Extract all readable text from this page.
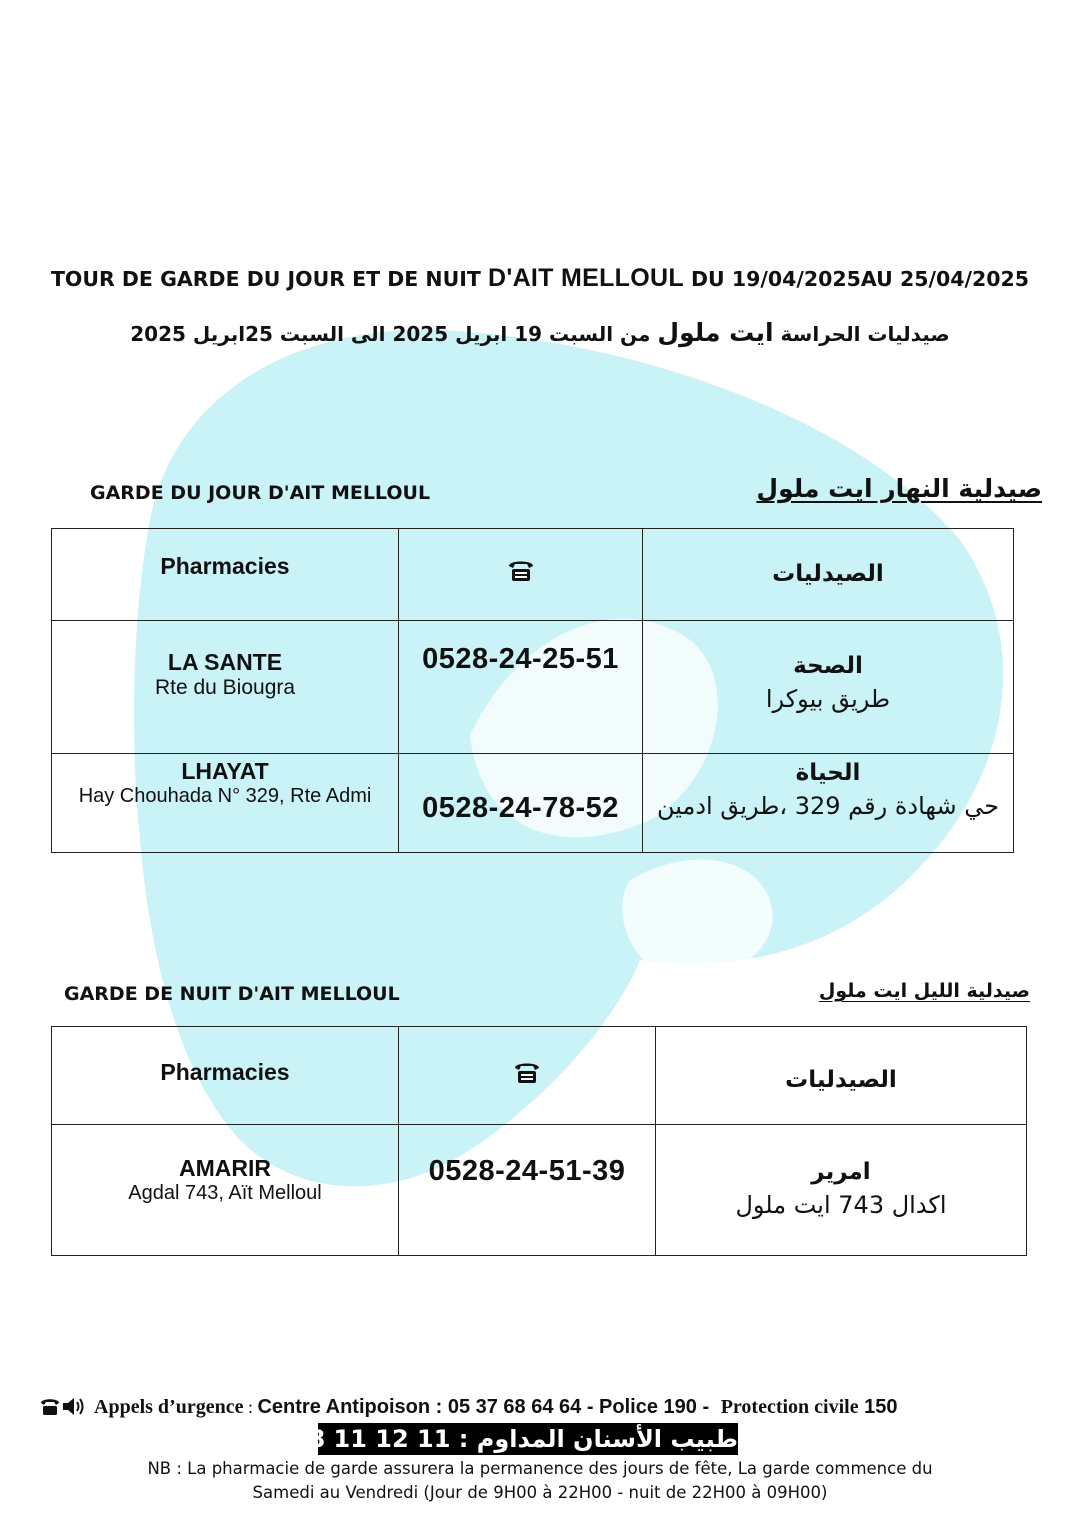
TOUR DE GARDE DU JOUR ET DE NUIT D'AIT MELLOUL DU 19/04/2025AU 25/04/2025
صيدليات الحراسة ايت ملول من السبت 19 ابريل 2025 الى السبت 25ابريل 2025
GARDE DU JOUR D'AIT MELLOUL	صيدلية النهار ايت ملول
Pharmacies		الصيدليات

LA SANTE
Rte du Biougra	0528-24-25-51	الصحة
طريق بيوكرا

LHAYAT
Hay Chouhada N° 329, Rte Admi	0528-24-78-52	الحياة
حي شهادة رقم 329 ،طريق ادمين
GARDE DE NUIT D'AIT MELLOUL	صيدلية الليل ايت ملول
Pharmacies		الصيدليات

AMARIR
Agdal 743, Aït Melloul	0528-24-51-39	امرير
اكدال 743 ايت ملول
Appels d’urgence : Centre Antipoison : 05 37 68 64 64 - Police 190 - Protection civile 150
طبيب الأسنان المداوم : 11 12 11 08 06
NB : La pharmacie de garde assurera la permanence des jours de fête, La garde commence du
Samedi au Vendredi (Jour de 9H00 à 22H00 - nuit de 22H00 à 09H00)
